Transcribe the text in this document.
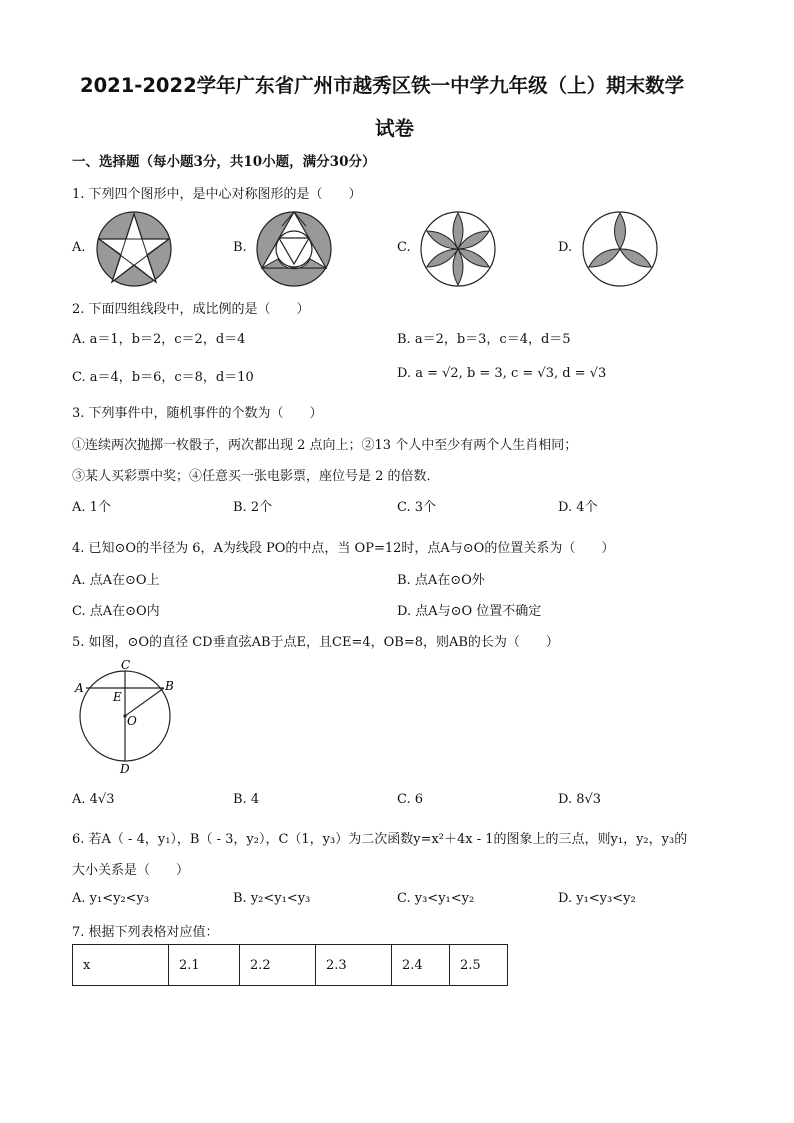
2021-2022学年广东省广州市越秀区铁一中学九年级（上）期末数学
试卷
一、选择题（每小题3分，共10小题，满分30分）
1. 下列四个图形中，是中心对称图形的是（　　）
A.	B.	C.	D.
2. 下面四组线段中，成比例的是（　　）
A. a＝1，b＝2，c＝2，d＝4	B. a＝2，b＝3，c＝4，d＝5
C. a＝4，b＝6，c＝8，d＝10	D. a = √2, b = 3, c = √3, d = √3
3. 下列事件中，随机事件的个数为（　　）
①连续两次抛掷一枚骰子，两次都出现 2 点向上；②13 个人中至少有两个人生肖相同；
③某人买彩票中奖；④任意买一张电影票，座位号是 2 的倍数．
A. 1个	B. 2个	C. 3个	D. 4个
4. 已知⊙O的半径为 6，A为线段 PO的中点，当 OP=12时，点A与⊙O的位置关系为（　　）
A. 点A在⊙O上	B. 点A在⊙O外
C. 点A在⊙O内	D. 点A与⊙O 位置不确定
5. 如图，⊙O的直径 CD垂直弦AB于点E，且CE=4，OB=8，则AB的长为（　　）
C
A	B
E
O
D
A. 4√3	B. 4	C. 6	D. 8√3
6. 若A（ - 4，y₁），B（ - 3，y₂），C（1，y₃）为二次函数y=x²＋4x - 1的图象上的三点，则y₁，y₂，y₃的
大小关系是（　　）
A. y₁<y₂<y₃	B. y₂<y₁<y₃	C. y₃<y₁<y₂	D. y₁<y₃<y₂
7. 根据下列表格对应值：
x	2.1	2.2	2.3	2.4	2.5
